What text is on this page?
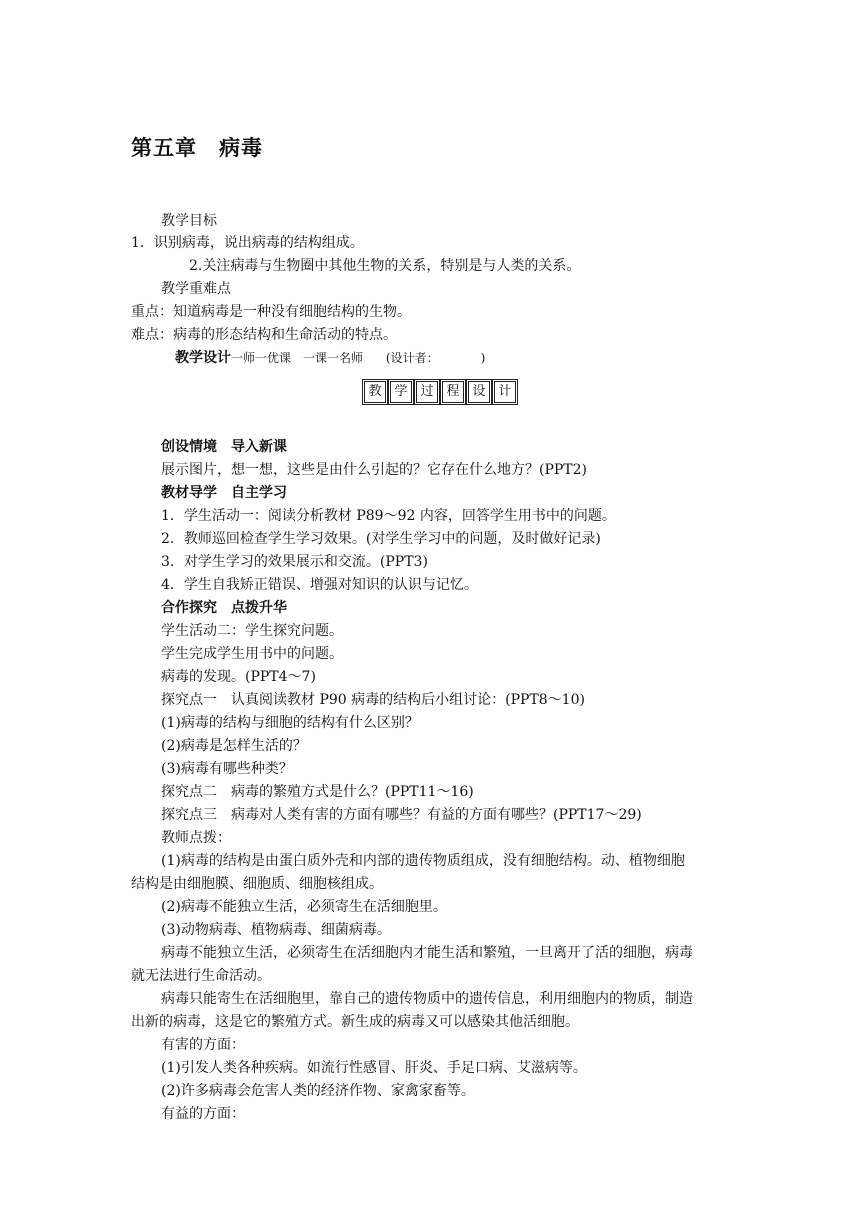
第五章　病毒
教学目标
1．识别病毒，说出病毒的结构组成。
2.关注病毒与生物圈中其他生物的关系，特别是与人类的关系。
教学重难点
重点：知道病毒是一种没有细胞结构的生物。
难点：病毒的形态结构和生命活动的特点。
教学设计一师一优课　一课一名师 (设计者：　　　　)
教 学 过 程 设 计
创设情境　导入新课
展示图片，想一想，这些是由什么引起的？它存在什么地方？(PPT2)
教材导学　自主学习
1．学生活动一：阅读分析教材 P89～92 内容，回答学生用书中的问题。
2．教师巡回检查学生学习效果。(对学生学习中的问题，及时做好记录)
3．对学生学习的效果展示和交流。(PPT3)
4．学生自我矫正错误、增强对知识的认识与记忆。
合作探究　点拨升华
学生活动二：学生探究问题。
学生完成学生用书中的问题。
病毒的发现。(PPT4～7)
探究点一　认真阅读教材 P90 病毒的结构后小组讨论：(PPT8～10)
(1)病毒的结构与细胞的结构有什么区别？
(2)病毒是怎样生活的？
(3)病毒有哪些种类？
探究点二　病毒的繁殖方式是什么？(PPT11～16)
探究点三　病毒对人类有害的方面有哪些？有益的方面有哪些？(PPT17～29)
教师点拨：
(1)病毒的结构是由蛋白质外壳和内部的遗传物质组成，没有细胞结构。动、植物细胞
结构是由细胞膜、细胞质、细胞核组成。
(2)病毒不能独立生活，必须寄生在活细胞里。
(3)动物病毒、植物病毒、细菌病毒。
病毒不能独立生活，必须寄生在活细胞内才能生活和繁殖，一旦离开了活的细胞，病毒
就无法进行生命活动。
病毒只能寄生在活细胞里，靠自己的遗传物质中的遗传信息，利用细胞内的物质，制造
出新的病毒，这是它的繁殖方式。新生成的病毒又可以感染其他活细胞。
有害的方面：
(1)引发人类各种疾病。如流行性感冒、肝炎、手足口病、艾滋病等。
(2)许多病毒会危害人类的经济作物、家禽家畜等。
有益的方面：
